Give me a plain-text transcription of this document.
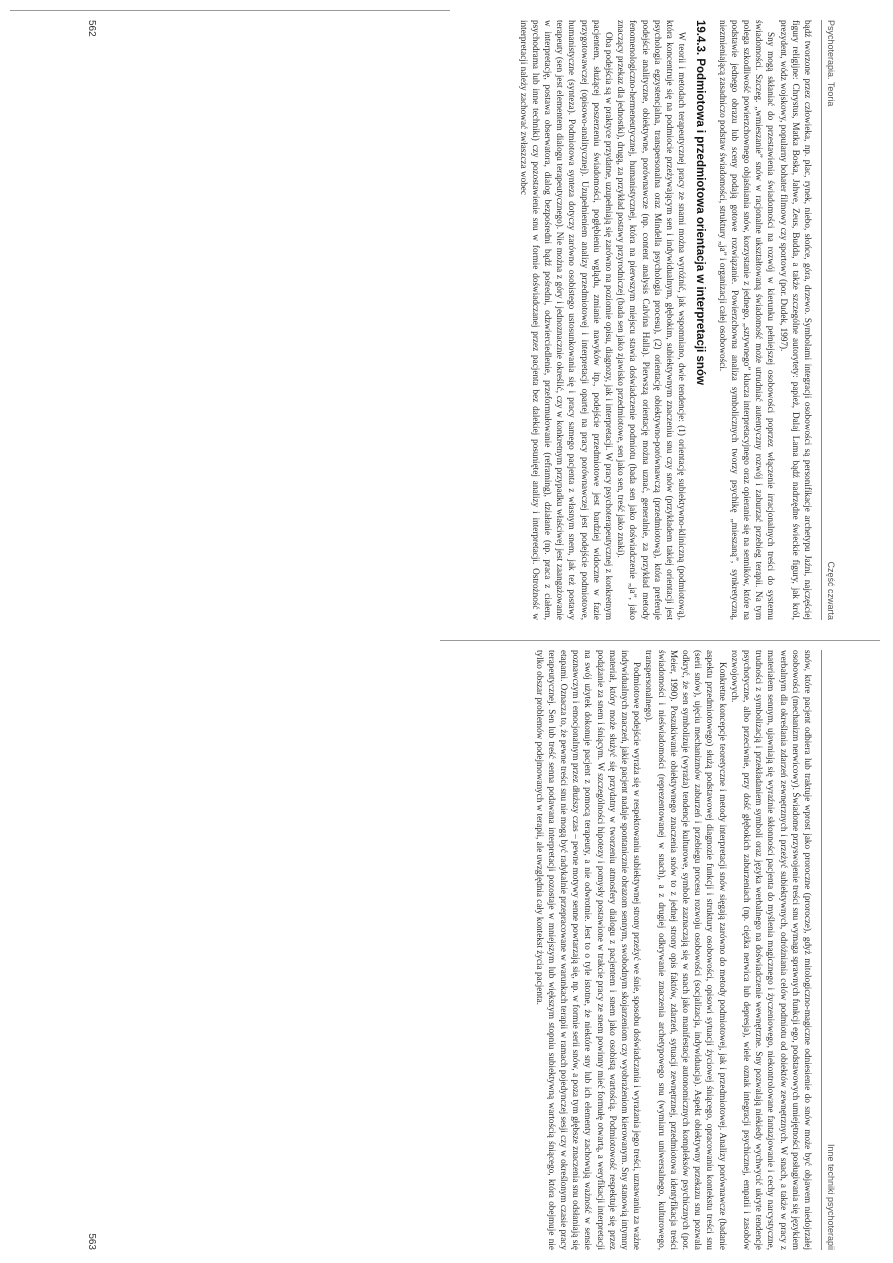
Psychoterapia. Teoria
Część czwarta

bądź tworzone przez człowieka, np. plac, rynek, niebo, słońce, góra, drzewo. Symbolami integracji osobowości są personifikacje archetypu Jaźni, najczęściej figury religijne: Chrystus, Matka Boska, Jahwe, Zeus, Budda, a także szczególne autorytety: papież, Dalaj Lama bądź nadrzędne świeckie figury, jak król, prezydent, wódz wojskowy, popularny bohater filmowy czy sportowy (por. Dudek, 1997).

Sny mogą skłaniać do przestawienia świadomości na rozwój w kierunku pełniejszej osobowości poprzez włączenie irracjonalnych treści do systemu świadomości. Szczeg. „wmieszanie” snów w racjonalne ukształtowaną świadomość może utrudniać autentyczny rozwój i zaburzać przebieg terapii. Na tym polega szkodliwość powierzchownego objaśniania snów, korzystanie z jednego, „sztywnego” klucza interpretacyjnego oraz opieranie się na senników, które na podstawie jednego obrazu lub sceny podają gotowe rozwiązanie. Powierzchowna analiza symbolicznych tworzy psychikę „mieszaną”, synkretyczną, niezmieniającą zasadniczo podstaw świadomości, struktury „ja” i organizacji całej osobowości.

19.4.3. Podmiotowa i przedmiotowa orientacja w interpretacji snów

W teorii i metodach terapeutycznej pracy ze snami można wyróżnić, jak wspomniano, dwie tendencje: (1) orientację subiektywno-kliniczną (podmiotową), która koncentruje się na podmiocie przeżywającym sen i indywidualnym, głębokim, subiektywnym znaczeniu snu czy snów (przykładem takiej orientacji jest psychologia egzystencjalna, transpersonalna oraz Mindella psychologia procesu), (2) orientację obiektywno-porównawczą (przedmiotową), która preferuje podejście analityczne, obiektywne, porównawcze (np. content analysis Calvina Halla). Pierwszą orientację można uznać, generalnie, za przykład metody fenomenologiczno-hermeneutycznej, humanistycznej, która na pierwszym miejscu stawia doświadczenie podmiotu (bada sen jako doświadczenie „ja”, jako znaczący przekaz dla jednostki), drugą, za przykład postawy przyrodniczej (bada sen jako zjawisko przedmiotowe, sen jako sen, treść jako znaki).

Oba podejścia są w praktyce przydatne, uzupełniają się zarówno na poziomie opisu, diagnozy, jak i interpretacji. W pracy psychoterapeutycznej z konkretnym pacjentem, służącej poszerzeniu świadomości, pogłębieniu wglądu, zmianie nawyków itp., podejście przedmiotowe jest bardziej widoczne w fazie przygotowawczej (opisowo-analitycznej). Uzupełnieniem analizy przedmiotowej i interpretacji opartej na pracy porównawczej jest podejście podmiotowe, humanistyczne (synteza). Podmiotowa synteza dotyczy zarówno osobistego ustosunkowania się i pracy samego pacjenta z własnym snem, jak też postawy terapeuty (sen jest elementem dialogu terapeutycznego). Nie można z góry i jednoznacznie określić, czy w konkretnym przypadku właściwej jest zaangażowanie w interpretację, postawa obserwatora, dialog bezpośredni bądź pośredni, odzwierciedlenie, przeformułowanie (reframing), działanie (np. praca z ciałem, psychodrama lub inne techniki) czy pozostawienie snu w formie doświadczanej przez pacjenta bez dalekiej posuniętej analizy i interpretacji. Ostrożność w interpretacji należy zachować zwłaszcza wobec

562
Inne techniki psychoterapii

snów, które pacjent odbiera lub traktuje wprost jako proroczne (prorocze), gdyż mitologiczno-magiczne odniesienie do snów może być objawem niedojrzałej osobowości (mechanizm nerwicowy). Świadome przyswojenie treści snu wymaga sprawnych funkcji ego, podstawowych umiejętności posługiwania się językiem werbalnym dla określania zdarzeń zewnętrznych i przeżyć subiektywnych, odróżniania celów podmiotu od obiektów zewnętrznych. W snach, a także w pracy z materiałem sennym, ujawniają się wyraźnie skłonności pacjenta do myślenia magicznego i życzeniowego, niekontrolowane fantazjowanie i cechy narcystyczne, trudności z symbolizacją i przekładaniem symboli oraz języka werbalnego na doświadczenie wewnętrzne. Sny pozwalają niekiedy wychwycić ukryte tendencje psychotyczne, albo przeciwnie, przy dość głębokich zaburzeniach (np. ciężka nerwica lub depresja), wiele oznak integracji psychicznej, empatii i zasobów rozwojowych.

Konkretne koncepcje teoretyczne i metody interpretacji snów sięgają zarówno do metody podmiotowej, jak i przedmiotowej. Analizy porównawcze (badanie aspektu przedmiotowego) służą podstawowej diagnozie funkcji i struktury osobowości, opisowi sytuacji życiowej śniącego, opracowaniu kontekstu treści snu (serii snów), ujęciu mechanizmów zaburzeń i przebiegu procesu rozwoju osobowości (socjalizacja, indywiduacja). Aspekt obiektywny przekazu snu pozwala odkryć, że sen symbolizuje (wyraża) tendencje kulturowe, symbole zaznaczają się w snach jako manifestacje autonomicznych kompleksów psychicznych (por. Meier, 1990). Poszukiwanie obiektywnego znaczenia snów to z jednej strony opis faktów, zdarzeń, sytuacji zewnętrznej, przedmiotowa identyfikacja treści świadomości i nieświadomości (reprezentowanej w snach), a z drugiej odkrywanie znaczenia archetypowego snu (wymiaru uniwersalnego, kulturowego, transpersonalnego).

Podmiotowe podejście wyraża się w respektowaniu subiektywnej strony przeżyć we śnie, sposobu doświadczania i wyrażania jego treści, uznawaniu za ważne indywidualnych znaczeń, jakie pacjent nadaje spontanicznie obrazom sennym, swobodnym skojarzeniom czy wyobrażeniom kierowanym. Sny stanowią intymny materiał, który może służyć się przydatny w tworzeniu atmosfery dialogu z pacjentem i snem jako osobistą wartością. Podmiotowość respektuje się przez podążanie za snem i śniącym. W szczególności hipotezy i pomysły postawione w trakcie pracy ze snem powinny mieć formułę otwartą, a weryfikacji interpretacji na swój użytek dokonuje pacjent z pomocą terapeuty, a nie odwrotnie. Jest to o tyle istotne, że niektóre sny lub ich elementy zachowują ważność w sensie poznawczym i emocjonalnym przez dłuższy czas – pewne motywy senne powtarzają się, np. w formie serii snów, a poza tym głębsze znaczenia snu odsłaniają się etapami. Oznacza to, że pewne treści snu nie mogą być radykalnie przepracowane w warunkach terapii w ramach pojedynczej sesji czy w określonym czasie pracy terapeutycznej. Sen lub treść senna podawana interpretacji pozostaje w mniejszym lub większym stopniu subiektywną wartością śniącego, która obejmuje nie tylko obszar problemów podejmowanych w terapii, ale uwzględnia cały kontekst życia pacjenta.

563
